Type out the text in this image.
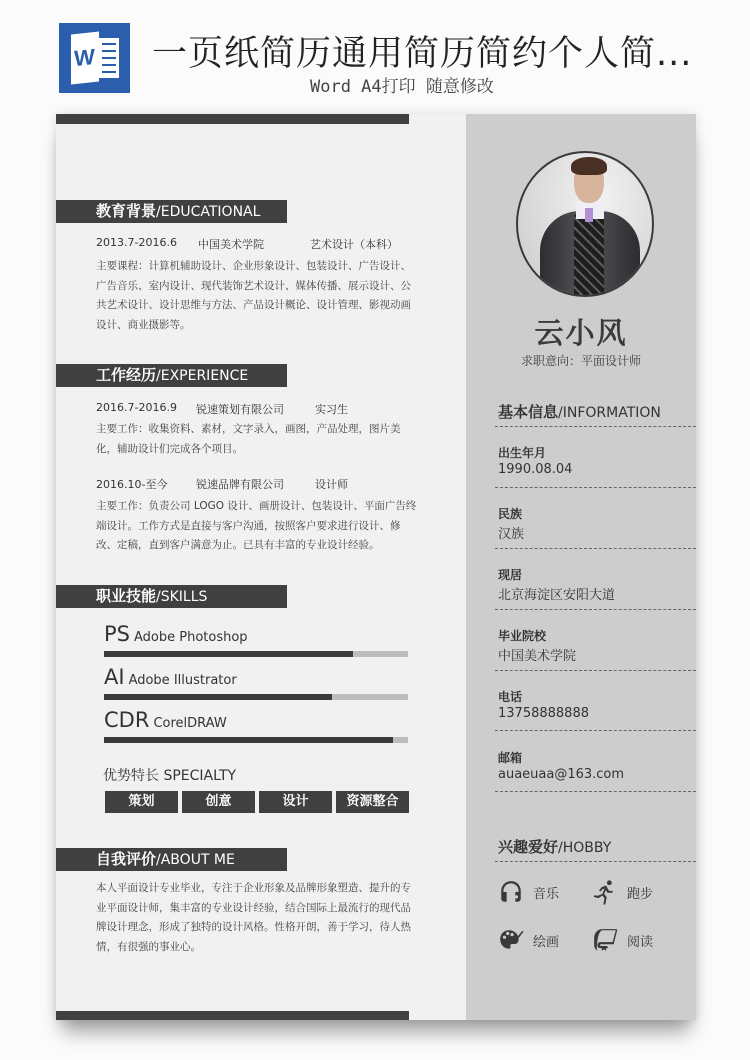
W 一页纸简历通用简历简约个人简...
Word A4打印 随意修改
教育背景/EDUCATIONAL
2013.7-2016.6 中国美术学院	艺术设计（本科）
主要课程：计算机辅助设计、企业形象设计、包装设计、广告设计、广告音乐、室内设计、现代装饰艺术设计、媒体传播、展示设计、公共艺术设计、设计思维与方法、产品设计概论、设计管理、影视动画设计、商业摄影等。
工作经历/EXPERIENCE
2016.7-2016.9 锐速策划有限公司	实习生
主要工作：收集资料、素材，文字录入，画图，产品处理，图片美化，辅助设计们完成各个项目。
2016.10-至今	锐速品牌有限公司	设计师
主要工作：负责公司 LOGO 设计、画册设计、包装设计、平面广告终端设计。工作方式是直接与客户沟通，按照客户要求进行设计、修改、定稿，直到客户满意为止。已具有丰富的专业设计经验。
职业技能/SKILLS
PS Adobe Photoshop
AI Adobe Illustrator
CDR CorelDRAW
优势特长 SPECIALTY
策划	创意	设计	资源整合
自我评价/ABOUT ME
本人平面设计专业毕业，专注于企业形象及品牌形象塑造、提升的专业平面设计师，集丰富的专业设计经验，结合国际上最流行的现代品牌设计理念，形成了独特的设计风格。性格开朗，善于学习，待人热情，有很强的事业心。
云小风
求职意向：平面设计师
基本信息/INFORMATION
出生年月
1990.08.04
民族
汉族
现居
北京海淀区安阳大道
毕业院校
中国美术学院
电话
13758888888
邮箱
auaeuaa@163.com
兴趣爱好/HOBBY
音乐	跑步
绘画	阅读
